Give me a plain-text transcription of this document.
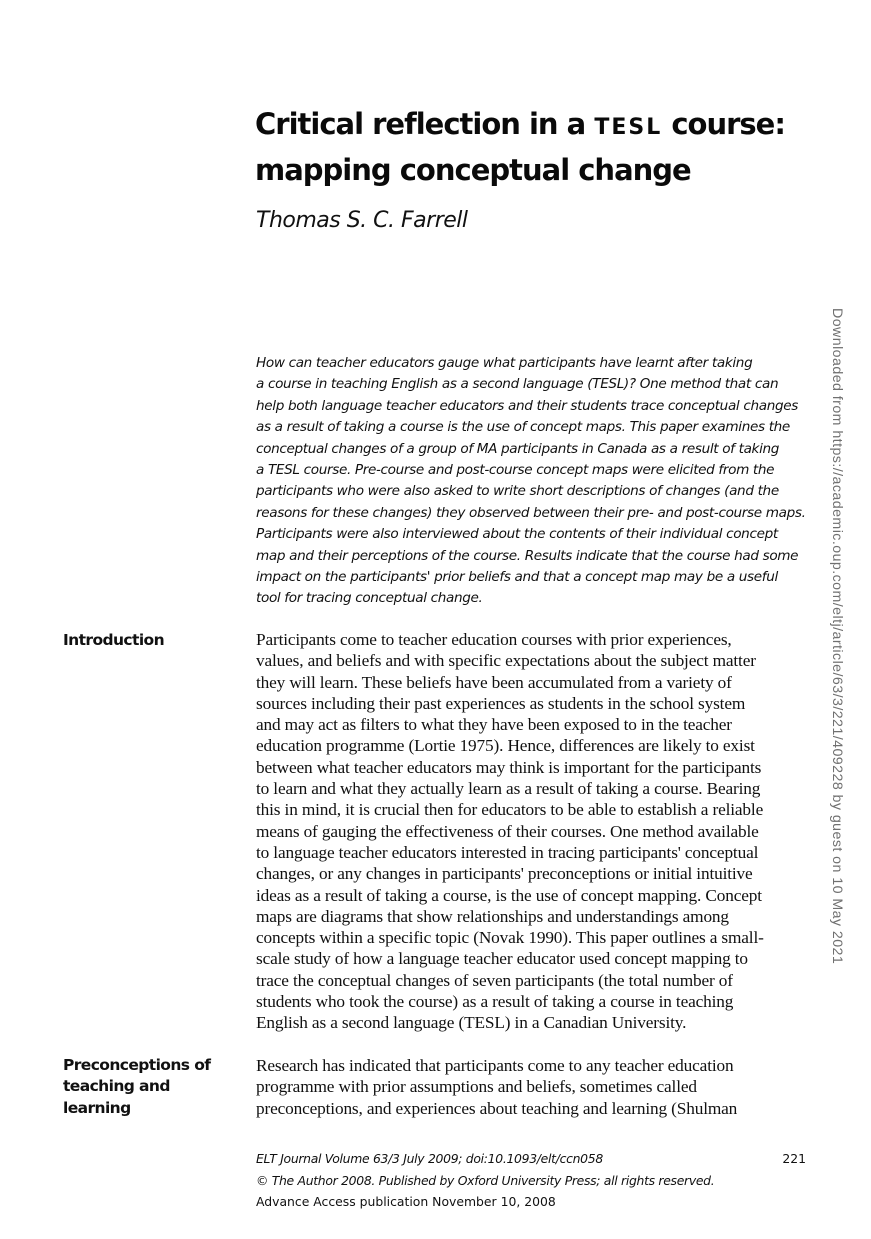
Critical reflection in a TESL course:
mapping conceptual change
Thomas S. C. Farrell
How can teacher educators gauge what participants have learnt after taking
a course in teaching English as a second language (TESL)? One method that can
help both language teacher educators and their students trace conceptual changes
as a result of taking a course is the use of concept maps. This paper examines the
conceptual changes of a group of MA participants in Canada as a result of taking
a TESL course. Pre-course and post-course concept maps were elicited from the
participants who were also asked to write short descriptions of changes (and the
reasons for these changes) they observed between their pre- and post-course maps.
Participants were also interviewed about the contents of their individual concept
map and their perceptions of the course. Results indicate that the course had some
impact on the participants' prior beliefs and that a concept map may be a useful
tool for tracing conceptual change.
Introduction	Participants come to teacher education courses with prior experiences,
values, and beliefs and with specific expectations about the subject matter
they will learn. These beliefs have been accumulated from a variety of
sources including their past experiences as students in the school system
and may act as filters to what they have been exposed to in the teacher
education programme (Lortie 1975). Hence, differences are likely to exist
between what teacher educators may think is important for the participants
to learn and what they actually learn as a result of taking a course. Bearing
this in mind, it is crucial then for educators to be able to establish a reliable
means of gauging the effectiveness of their courses. One method available
to language teacher educators interested in tracing participants' conceptual
changes, or any changes in participants' preconceptions or initial intuitive
ideas as a result of taking a course, is the use of concept mapping. Concept
maps are diagrams that show relationships and understandings among
concepts within a specific topic (Novak 1990). This paper outlines a small-
scale study of how a language teacher educator used concept mapping to
trace the conceptual changes of seven participants (the total number of
students who took the course) as a result of taking a course in teaching
English as a second language (TESL) in a Canadian University.
Preconceptions of
teaching and
learning
Research has indicated that participants come to any teacher education
programme with prior assumptions and beliefs, sometimes called
preconceptions, and experiences about teaching and learning (Shulman
ELT Journal Volume 63/3 July 2009; doi:10.1093/elt/ccn058	221
© The Author 2008. Published by Oxford University Press; all rights reserved.
Advance Access publication November 10, 2008
Downloaded from https://academic.oup.com/eltj/article/63/3/221/409228 by guest on 10 May 2021
